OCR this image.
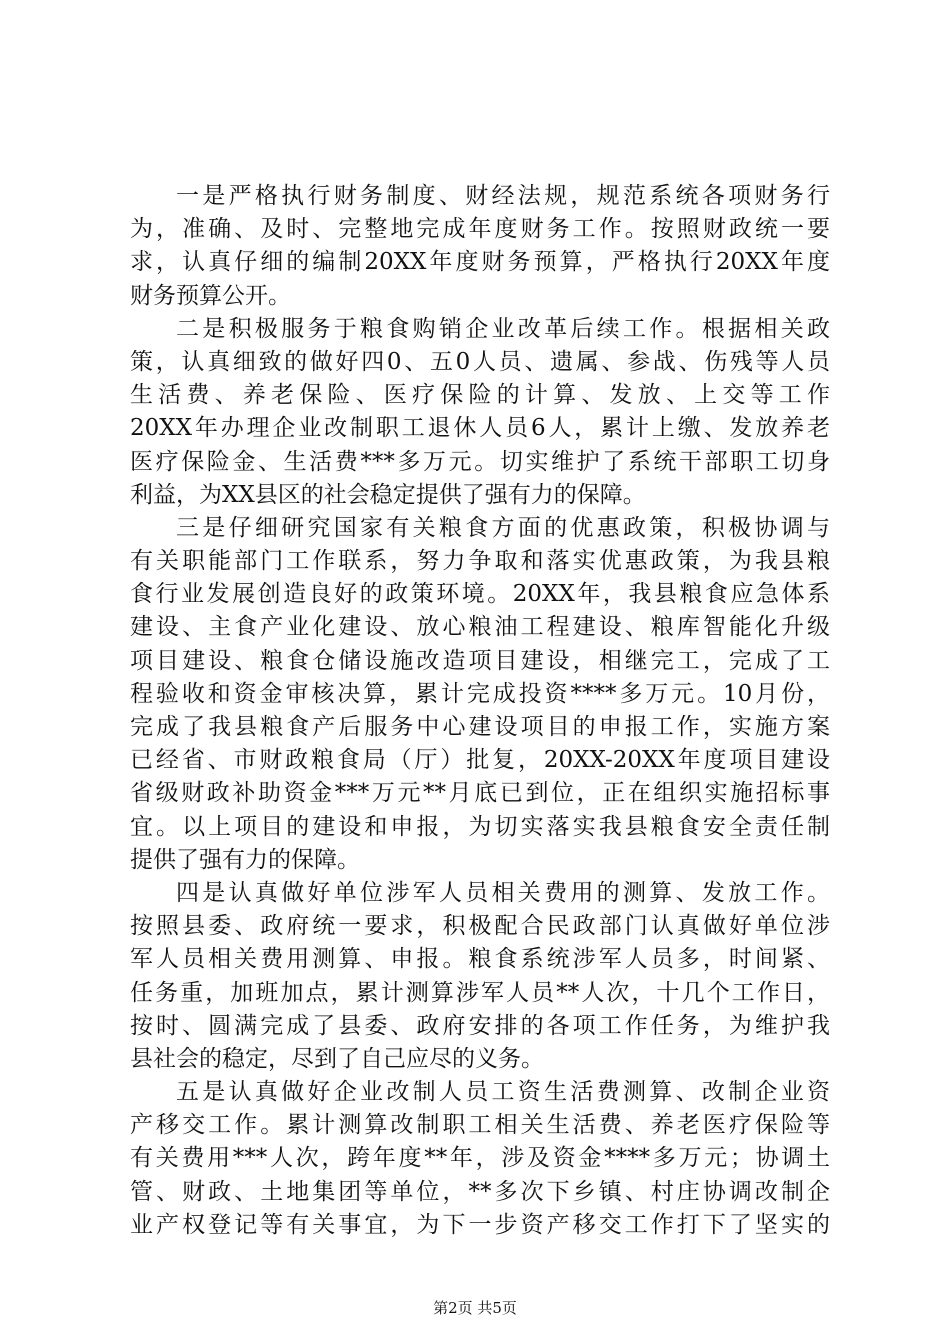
一是严格执行财务制度、财经法规，规范系统各项财务行
为，准确、及时、完整地完成年度财务工作。按照财政统一要
求，认真仔细的编制20XX年度财务预算，严格执行20XX年度
财务预算公开。
二是积极服务于粮食购销企业改革后续工作。根据相关政
策，认真细致的做好四0、五0人员、遗属、参战、伤残等人员
生活费、养老保险、医疗保险的计算、发放、上交等工作
20XX年办理企业改制职工退休人员6人，累计上缴、发放养老
医疗保险金、生活费***多万元。切实维护了系统干部职工切身
利益，为XX县区的社会稳定提供了强有力的保障。
三是仔细研究国家有关粮食方面的优惠政策，积极协调与
有关职能部门工作联系，努力争取和落实优惠政策，为我县粮
食行业发展创造良好的政策环境。20XX年，我县粮食应急体系
建设、主食产业化建设、放心粮油工程建设、粮库智能化升级
项目建设、粮食仓储设施改造项目建设，相继完工，完成了工
程验收和资金审核决算，累计完成投资****多万元。10月份，
完成了我县粮食产后服务中心建设项目的申报工作，实施方案
已经省、市财政粮食局（厅）批复，20XX-20XX年度项目建设
省级财政补助资金***万元**月底已到位，正在组织实施招标事
宜。以上项目的建设和申报，为切实落实我县粮食安全责任制
提供了强有力的保障。
四是认真做好单位涉军人员相关费用的测算、发放工作。
按照县委、政府统一要求，积极配合民政部门认真做好单位涉
军人员相关费用测算、申报。粮食系统涉军人员多，时间紧、
任务重，加班加点，累计测算涉军人员**人次，十几个工作日，
按时、圆满完成了县委、政府安排的各项工作任务，为维护我
县社会的稳定，尽到了自己应尽的义务。
五是认真做好企业改制人员工资生活费测算、改制企业资
产移交工作。累计测算改制职工相关生活费、养老医疗保险等
有关费用***人次，跨年度**年，涉及资金****多万元；协调土
管、财政、土地集团等单位，**多次下乡镇、村庄协调改制企
业产权登记等有关事宜，为下一步资产移交工作打下了坚实的
第2页 共5页
